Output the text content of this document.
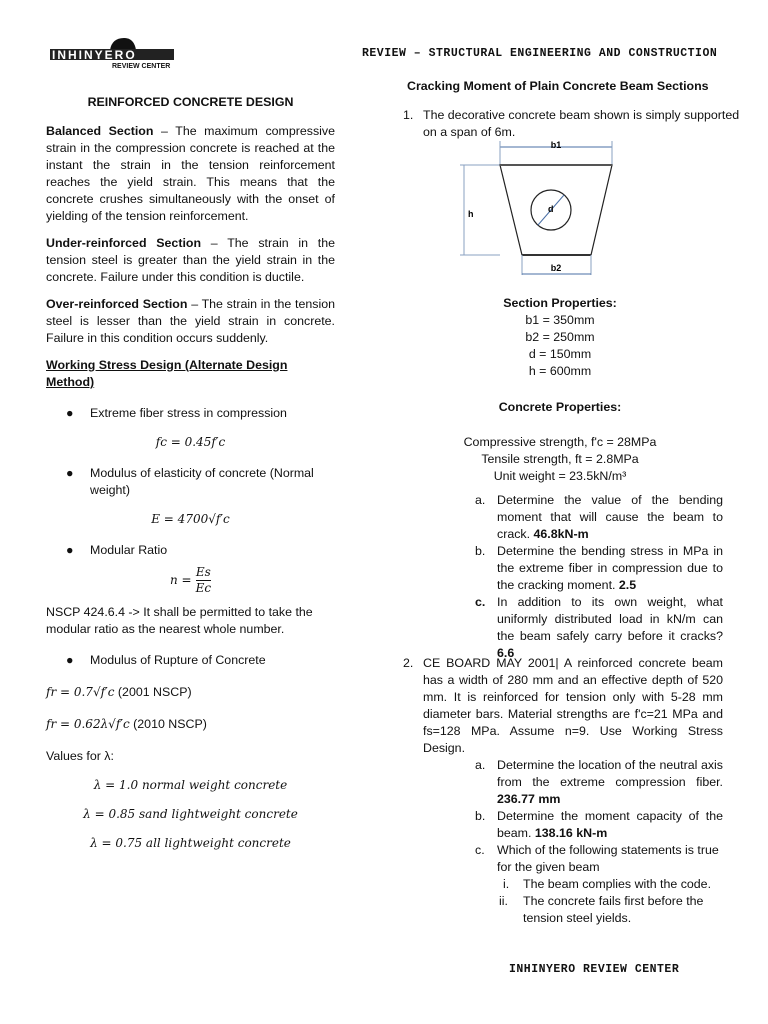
INHINYERO
REVIEW CENTER
REVIEW – STRUCTURAL ENGINEERING AND CONSTRUCTION
INHINYERO REVIEW CENTER
REINFORCED CONCRETE DESIGN

Balanced Section – The maximum compressive strain in the compression concrete is reached at the instant the strain in the tension reinforcement reaches the yield strain. This means that the concrete crushes simultaneously with the onset of yielding of the tension reinforcement.

Under-reinforced Section – The strain in the tension steel is greater than the yield strain in the concrete. Failure under this condition is ductile.

Over-reinforced Section – The strain in the tension steel is lesser than the yield strain in concrete. Failure in this condition occurs suddenly.

Working Stress Design (Alternate Design Method)
● Extreme fiber stress in compression
fc = 0.45f′c
● Modulus of elasticity of concrete (Normal weight)
E = 4700√f′c
● Modular Ratio
$n = \frac{Es}{Ec}$

NSCP 424.6.4 -> It shall be permitted to take the modular ratio as the nearest whole number.

● Modulus of Rupture of Concrete
fr = 0.7√f′c (2001 NSCP)
fr = 0.62λ√f′c (2010 NSCP)
Values for λ:
λ = 1.0 normal weight concrete
λ = 0.85 sand lightweight concrete
λ = 0.75 all lightweight concrete
Cracking Moment of Plain Concrete Beam Sections
1. The decorative concrete beam shown is simply supported on a span of 6m.
b1
b2
h	d
Section Properties:
b1 = 350mm
b2 = 250mm
d = 150mm
h = 600mm
Concrete Properties:
Compressive strength, f'c = 28MPa
Tensile strength, ft = 2.8MPa
Unit weight = 23.5kN/m³
a. Determine the value of the bending moment that will cause the beam to crack. 46.8kN-m
b. Determine the bending stress in MPa in the extreme fiber in compression due to the cracking moment. 2.5
c. In addition to its own weight, what uniformly distributed load in kN/m can the beam safely carry before it cracks? 6.6
2. CE BOARD MAY 2001| A reinforced concrete beam has a width of 280 mm and an effective depth of 520 mm. It is reinforced for tension only with 5-28 mm diameter bars. Material strengths are f'c=21 MPa and fs=128 MPa. Assume n=9. Use Working Stress Design.
a. Determine the location of the neutral axis from the extreme compression fiber. 236.77 mm
b. Determine the moment capacity of the beam. 138.16 kN-m
c. Which of the following statements is true for the given beam
i. The beam complies with the code.
ii. The concrete fails first before the tension steel yields.
